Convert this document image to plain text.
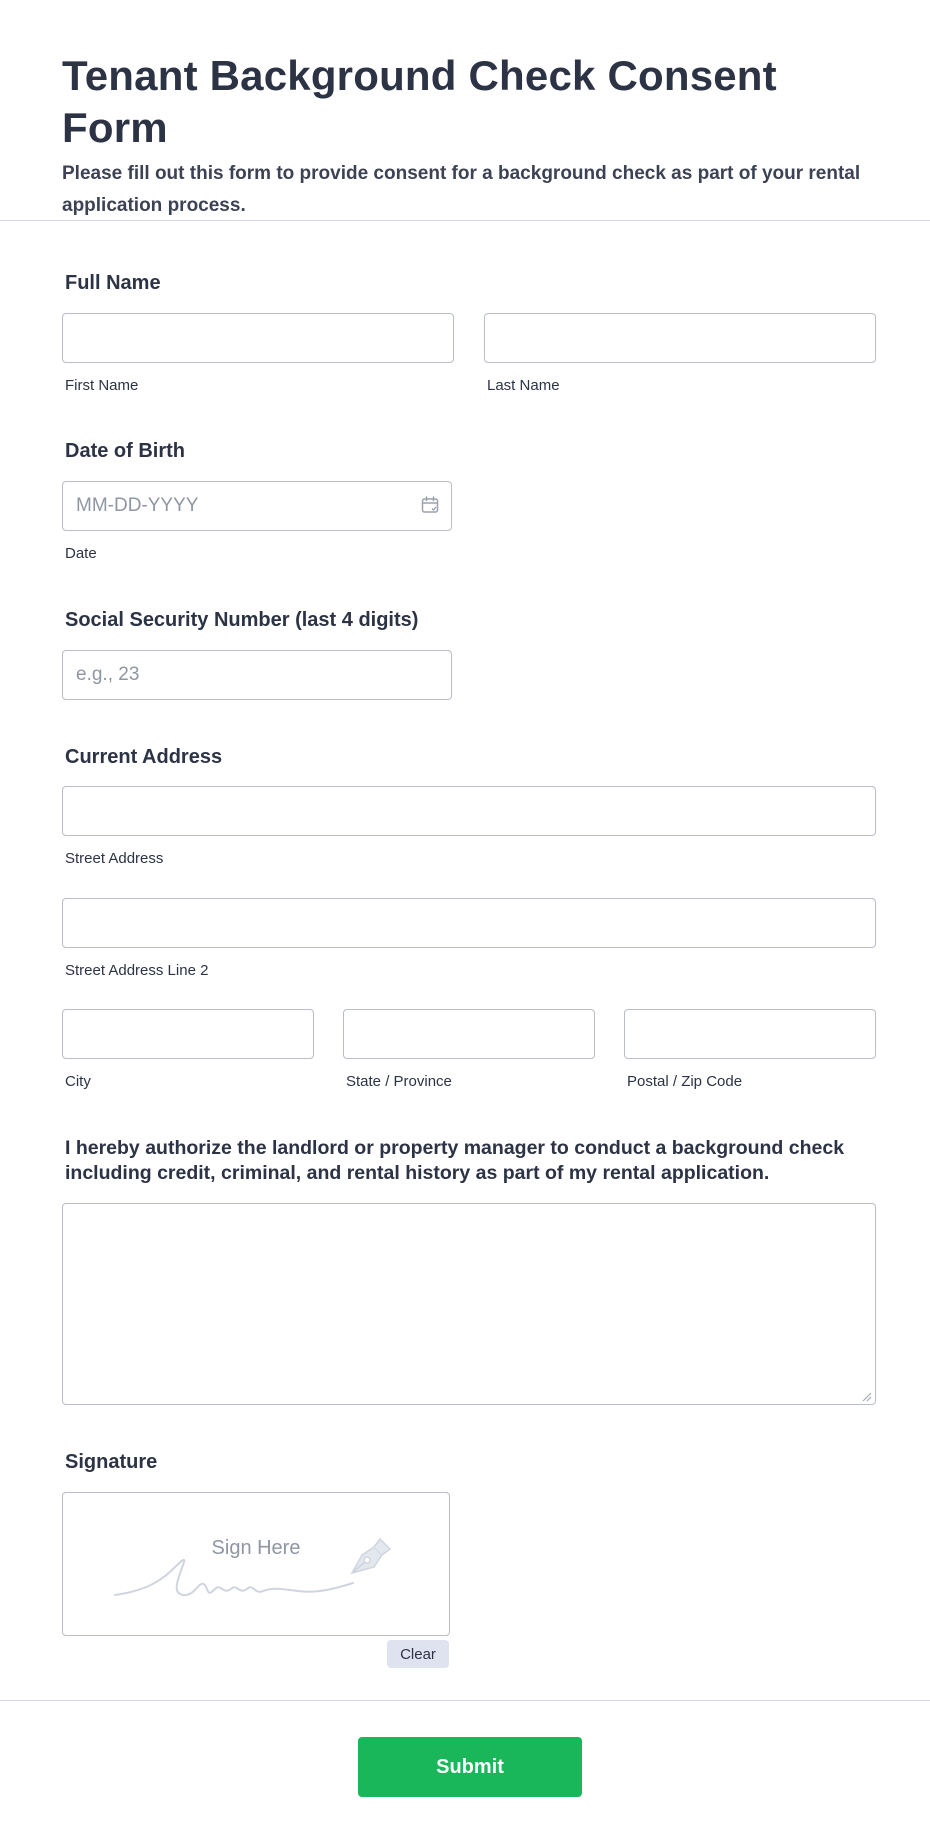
Tenant Background Check Consent Form

Please fill out this form to provide consent for a background check as part of your rental application process.

Full Name
First Name	Last Name
Date of Birth
MM-DD-YYYY
Date
Social Security Number (last 4 digits)
e.g., 23
Current Address
Street Address
Street Address Line 2
City	State / Province	Postal / Zip Code
I hereby authorize the landlord or property manager to conduct a background check including credit, criminal, and rental history as part of my rental application.
Signature
Sign Here
Clear
Submit
